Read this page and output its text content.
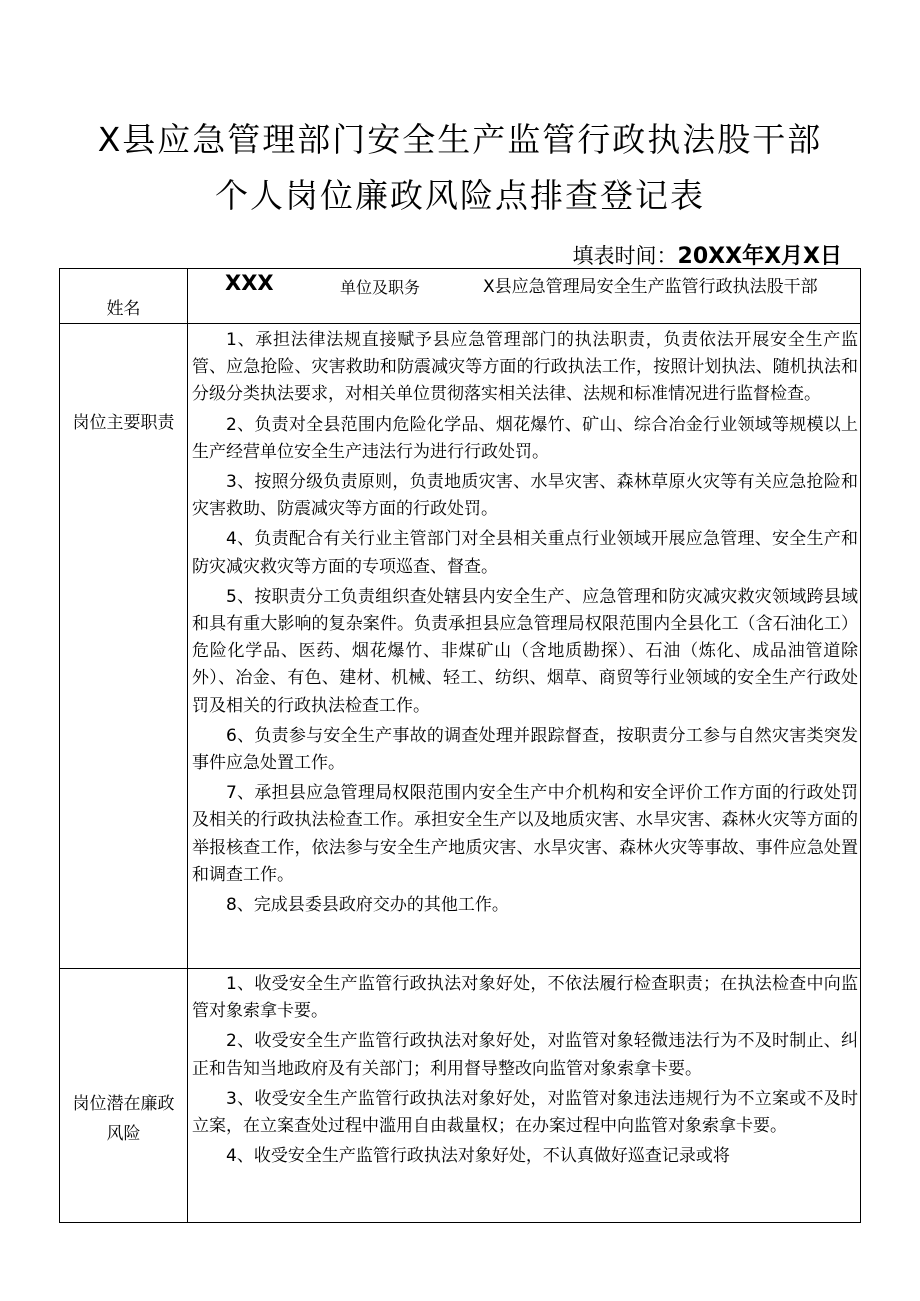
X县应急管理部门安全生产监管行政执法股干部
个人岗位廉政风险点排查登记表
填表时间：20XX年X月X日
姓名
X县应急管理局安全生产监管行政执法股干部
XXX	单位及职务
岗位主要职责

1、承担法律法规直接赋予县应急管理部门的执法职责，负责依法开展安全生产监管、应急抢险、灾害救助和防震减灾等方面的行政执法工作，按照计划执法、随机执法和分级分类执法要求，对相关单位贯彻落实相关法律、法规和标准情况进行监督检查。

2、负责对全县范围内危险化学品、烟花爆竹、矿山、综合冶金行业领域等规模以上生产经营单位安全生产违法行为进行行政处罚。

3、按照分级负责原则，负责地质灾害、水旱灾害、森林草原火灾等有关应急抢险和灾害救助、防震减灾等方面的行政处罚。

4、负责配合有关行业主管部门对全县相关重点行业领域开展应急管理、安全生产和防灾减灾救灾等方面的专项巡查、督查。

5、按职责分工负责组织查处辖县内安全生产、应急管理和防灾减灾救灾领域跨县域和具有重大影响的复杂案件。负责承担县应急管理局权限范围内全县化工（含石油化工）危险化学品、医药、烟花爆竹、非煤矿山（含地质勘探）、石油（炼化、成品油管道除外）、冶金、有色、建材、机械、轻工、纺织、烟草、商贸等行业领域的安全生产行政处罚及相关的行政执法检查工作。

6、负责参与安全生产事故的调查处理并跟踪督查，按职责分工参与自然灾害类突发事件应急处置工作。

7、承担县应急管理局权限范围内安全生产中介机构和安全评价工作方面的行政处罚及相关的行政执法检查工作。承担安全生产以及地质灾害、水旱灾害、森林火灾等方面的举报核查工作，依法参与安全生产地质灾害、水旱灾害、森林火灾等事故、事件应急处置和调查工作。

8、完成县委县政府交办的其他工作。

岗位潜在廉政风险

1、收受安全生产监管行政执法对象好处，不依法履行检查职责；在执法检查中向监管对象索拿卡要。

2、收受安全生产监管行政执法对象好处，对监管对象轻微违法行为不及时制止、纠正和告知当地政府及有关部门；利用督导整改向监管对象索拿卡要。

3、收受安全生产监管行政执法对象好处，对监管对象违法违规行为不立案或不及时立案，在立案查处过程中滥用自由裁量权；在办案过程中向监管对象索拿卡要。

4、收受安全生产监管行政执法对象好处，不认真做好巡查记录或将
